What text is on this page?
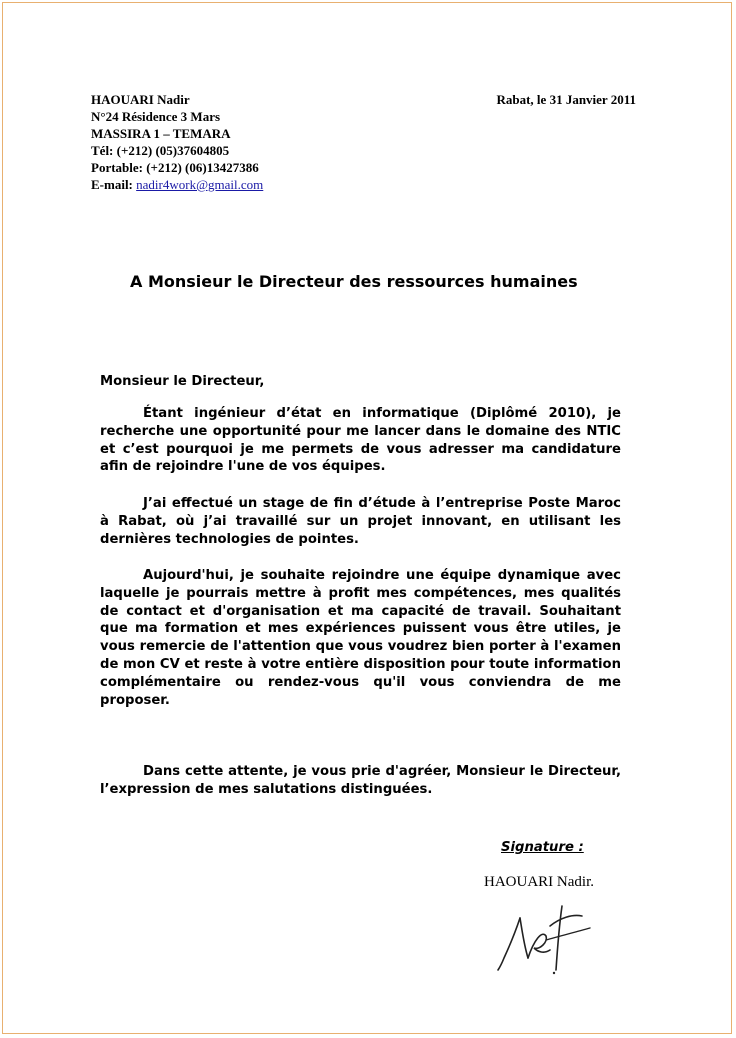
HAOUARI Nadir
N°24 Résidence 3 Mars
MASSIRA 1 – TEMARA
Tél: (+212) (05)37604805
Portable: (+212) (06)13427386
E-mail: nadir4work@gmail.com
Rabat, le 31 Janvier 2011
A Monsieur le Directeur des ressources humaines
Monsieur le Directeur,
Étant ingénieur d’état en informatique (Diplômé 2010), je recherche une opportunité pour me lancer dans le domaine des NTIC et c’est pourquoi je me permets de vous adresser ma candidature afin de rejoindre l'une de vos équipes.
J’ai effectué un stage de fin d’étude à l’entreprise Poste Maroc à Rabat, où j’ai travaillé sur un projet innovant, en utilisant les dernières technologies de pointes.
Aujourd'hui, je souhaite rejoindre une équipe dynamique avec laquelle je pourrais mettre à profit mes compétences, mes qualités de contact et d'organisation et ma capacité de travail. Souhaitant que ma formation et mes expériences puissent vous être utiles, je vous remercie de l'attention que vous voudrez bien porter à l'examen de mon CV et reste à votre entière disposition pour toute information complémentaire ou rendez-vous qu'il vous conviendra de me proposer.
Dans cette attente, je vous prie d'agréer, Monsieur le Directeur, l’expression de mes salutations distinguées.
Signature :
HAOUARI Nadir.
